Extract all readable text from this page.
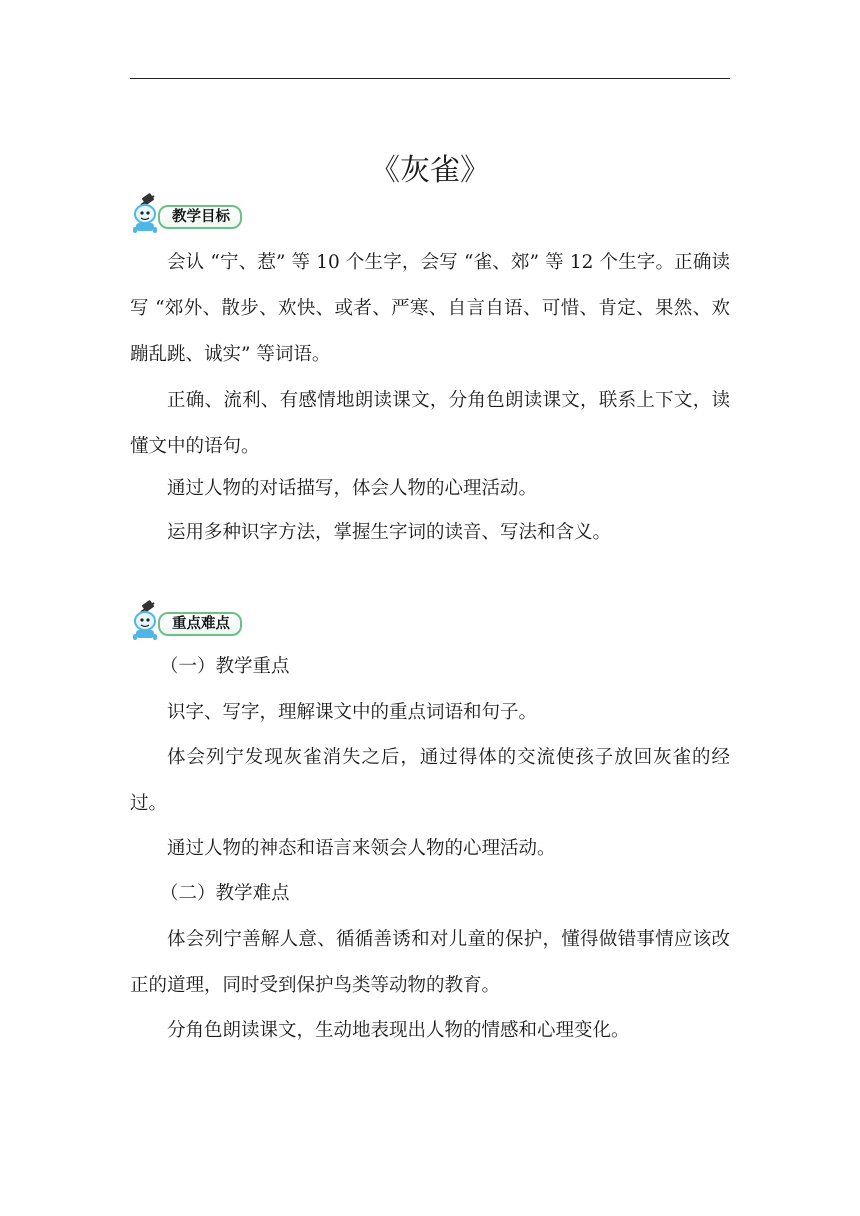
《灰雀》
教学目标

会认 “宁、惹” 等 10 个生字，会写 “雀、郊” 等 12 个生字。正确读写 “郊外、散步、欢快、或者、严寒、自言自语、可惜、肯定、果然、欢蹦乱跳、诚实” 等词语。

正确、流利、有感情地朗读课文，分角色朗读课文，联系上下文，读懂文中的语句。

通过人物的对话描写，体会人物的心理活动。

运用多种识字方法，掌握生字词的读音、写法和含义。

重点难点

（一）教学重点

识字、写字，理解课文中的重点词语和句子。

体会列宁发现灰雀消失之后，通过得体的交流使孩子放回灰雀的经过。

通过人物的神态和语言来领会人物的心理活动。

（二）教学难点

体会列宁善解人意、循循善诱和对儿童的保护，懂得做错事情应该改正的道理，同时受到保护鸟类等动物的教育。

分角色朗读课文，生动地表现出人物的情感和心理变化。
